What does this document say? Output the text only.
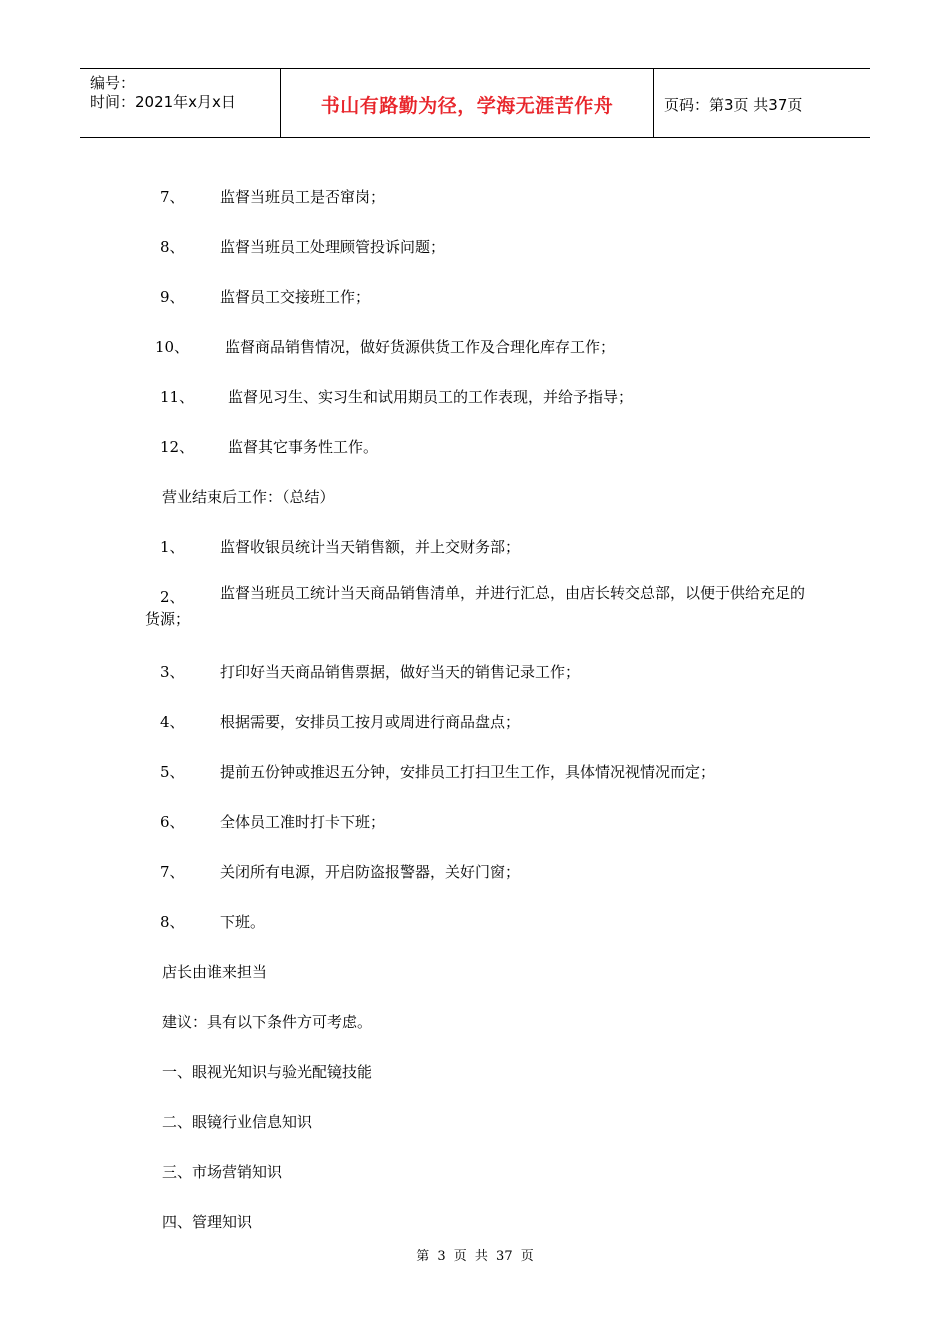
编号：
时间：2021年x月x日	书山有路勤为径，学海无涯苦作舟	页码：第3页 共37页
7、 监督当班员工是否窜岗；
8、 监督当班员工处理顾管投诉问题；
9、 监督员工交接班工作；
10、 监督商品销售情况，做好货源供货工作及合理化库存工作；
11、 监督见习生、实习生和试用期员工的工作表现，并给予指导；
12、 监督其它事务性工作。
营业结束后工作：（总结）
1、 监督收银员统计当天销售额，并上交财务部；
2、	监督当班员工统计当天商品销售清单，并进行汇总，由店长转交总部，以便于供给充足的货源；
3、 打印好当天商品销售票据，做好当天的销售记录工作；
4、 根据需要，安排员工按月或周进行商品盘点；
5、 提前五份钟或推迟五分钟，安排员工打扫卫生工作，具体情况视情况而定；
6、 全体员工准时打卡下班；
7、 关闭所有电源，开启防盗报警器，关好门窗；
8、 下班。
店长由谁来担当
建议：具有以下条件方可考虑。
一、眼视光知识与验光配镜技能
二、眼镜行业信息知识
三、市场营销知识
四、管理知识
第 3 页 共 37 页
